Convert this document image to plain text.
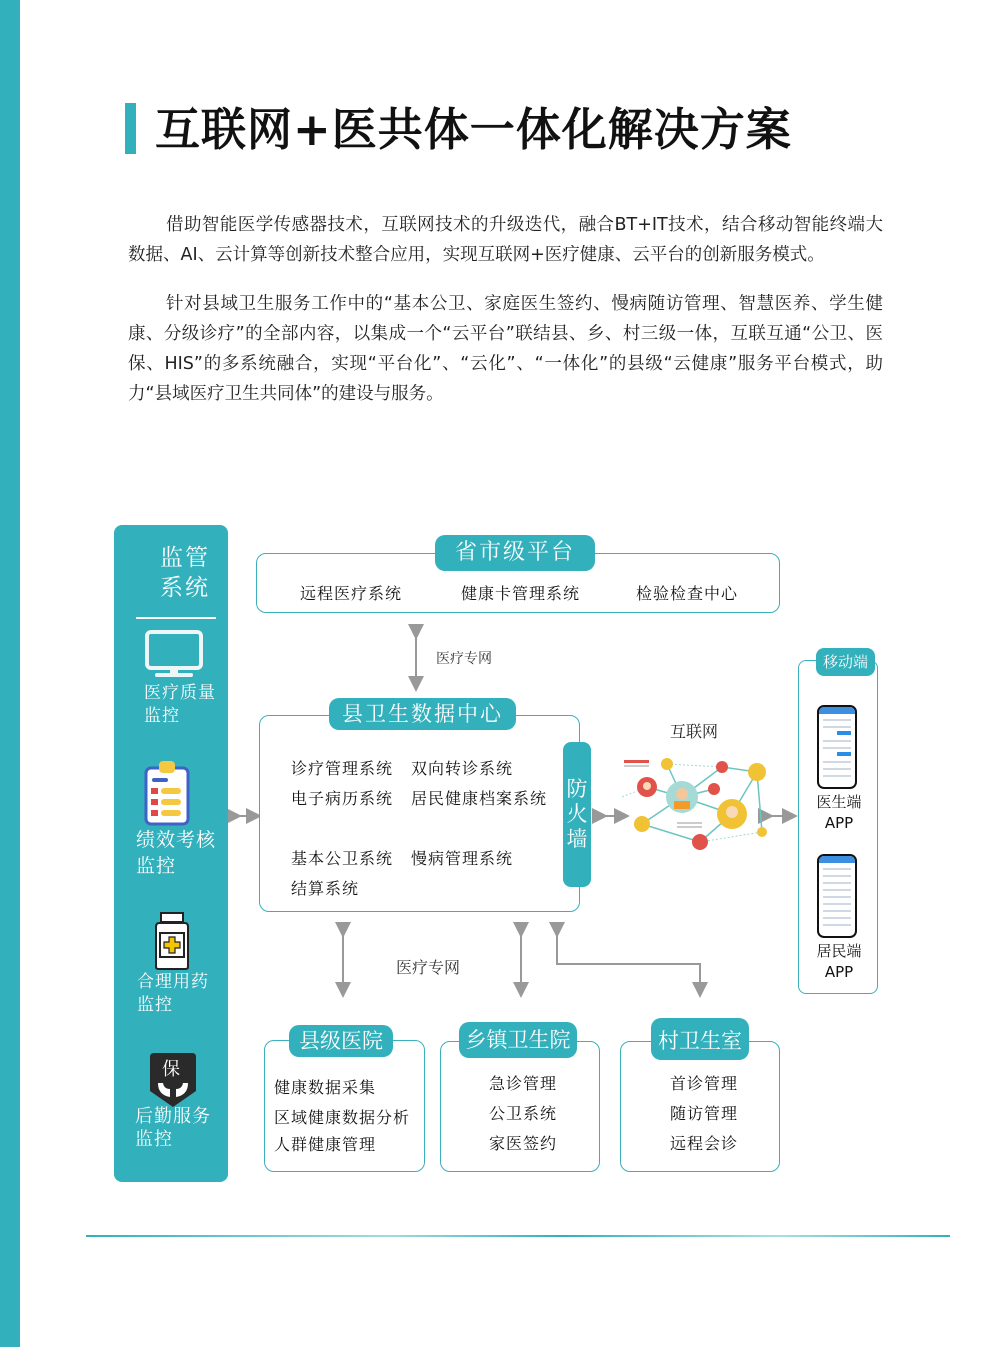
互联网+医共体一体化解决方案

借助智能医学传感器技术，互联网技术的升级迭代，融合BT+IT技术，结合移动智能终端大数据、AI、云计算等创新技术整合应用，实现互联网+医疗健康、云平台的创新服务模式。

针对县域卫生服务工作中的“基本公卫、家庭医生签约、慢病随访管理、智慧医养、学生健康、分级诊疗”的全部内容，以集成一个“云平台”联结县、乡、村三级一体，互联互通“公卫、医保、HIS”的多系统融合，实现“平台化”、“云化”、“一体化”的县级“云健康”服务平台模式，助力“县域医疗卫生共同体”的建设与服务。

监管
系统
医疗质量
监控
绩效考核
监控
合理用药
监控
保
后勤服务
监控
省市级平台
远程医疗系统	健康卡管理系统	检验检查中心
医疗专网
县卫生数据中心
诊疗管理系统 双向转诊系统
电子病历系统 居民健康档案系统
基本公卫系统 慢病管理系统
结算系统
防
火
墙
互联网
移动端
医生端
APP
居民端
APP
医疗专网
县级医院
健康数据采集
区域健康数据分析
人群健康管理
乡镇卫生院
急诊管理
公卫系统
家医签约
村卫生室
首诊管理
随访管理
远程会诊
